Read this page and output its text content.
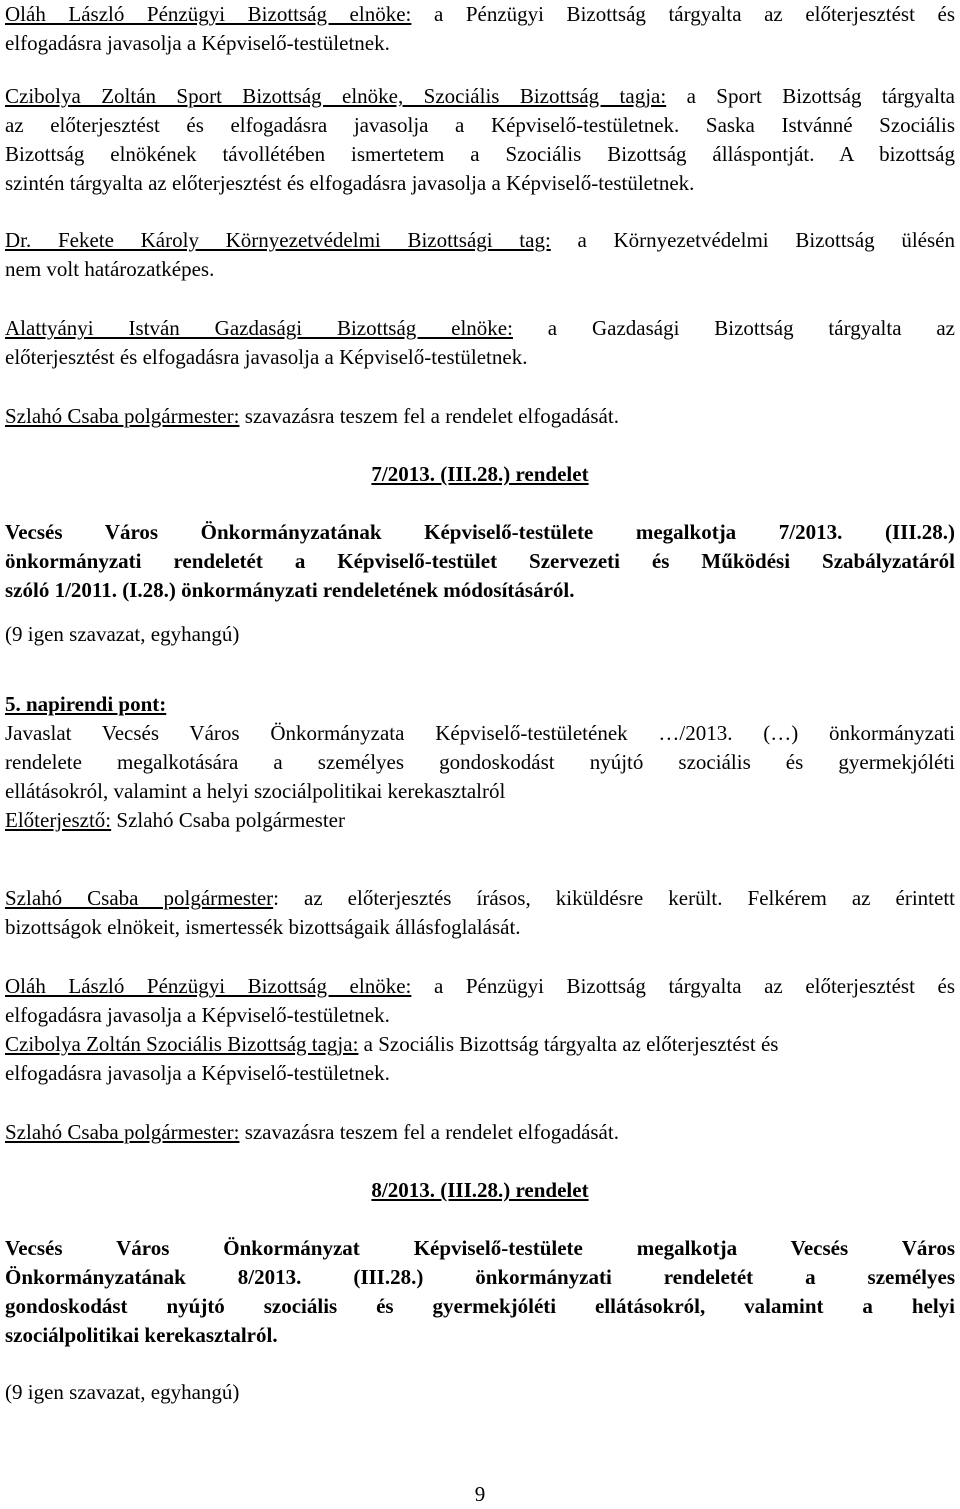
Oláh László Pénzügyi Bizottság elnöke: a Pénzügyi Bizottság tárgyalta az előterjesztést és
elfogadásra javasolja a Képviselő-testületnek.
Czibolya Zoltán Sport Bizottság elnöke, Szociális Bizottság tagja: a Sport Bizottság tárgyalta
az előterjesztést és elfogadásra javasolja a Képviselő-testületnek. Saska Istvánné Szociális
Bizottság elnökének távollétében ismertetem a Szociális Bizottság álláspontját. A bizottság
szintén tárgyalta az előterjesztést és elfogadásra javasolja a Képviselő-testületnek.
Dr. Fekete Károly Környezetvédelmi Bizottsági tag: a Környezetvédelmi Bizottság ülésén
nem volt határozatképes.
Alattyányi István Gazdasági Bizottság elnöke: a Gazdasági Bizottság tárgyalta az
előterjesztést és elfogadásra javasolja a Képviselő-testületnek.
Szlahó Csaba polgármester: szavazásra teszem fel a rendelet elfogadását.
7/2013. (III.28.) rendelet
Vecsés Város Önkormányzatának Képviselő-testülete megalkotja 7/2013. (III.28.)
önkormányzati rendeletét a Képviselő-testület Szervezeti és Működési Szabályzatáról
szóló 1/2011. (I.28.) önkormányzati rendeletének módosításáról.
(9 igen szavazat, egyhangú)
5. napirendi pont:
Javaslat Vecsés Város Önkormányzata Képviselő-testületének …/2013. (…) önkormányzati
rendelete megalkotására a személyes gondoskodást nyújtó szociális és gyermekjóléti
ellátásokról, valamint a helyi szociálpolitikai kerekasztalról
Előterjesztő: Szlahó Csaba polgármester
Szlahó Csaba polgármester: az előterjesztés írásos, kiküldésre került. Felkérem az érintett
bizottságok elnökeit, ismertessék bizottságaik állásfoglalását.
Oláh László Pénzügyi Bizottság elnöke: a Pénzügyi Bizottság tárgyalta az előterjesztést és
elfogadásra javasolja a Képviselő-testületnek.
Czibolya Zoltán Szociális Bizottság tagja: a Szociális Bizottság tárgyalta az előterjesztést és
elfogadásra javasolja a Képviselő-testületnek.
Szlahó Csaba polgármester: szavazásra teszem fel a rendelet elfogadását.
8/2013. (III.28.) rendelet
Vecsés Város Önkormányzat Képviselő-testülete megalkotja Vecsés Város
Önkormányzatának 8/2013. (III.28.) önkormányzati rendeletét a személyes
gondoskodást nyújtó szociális és gyermekjóléti ellátásokról, valamint a helyi
szociálpolitikai kerekasztalról.
(9 igen szavazat, egyhangú)
9
